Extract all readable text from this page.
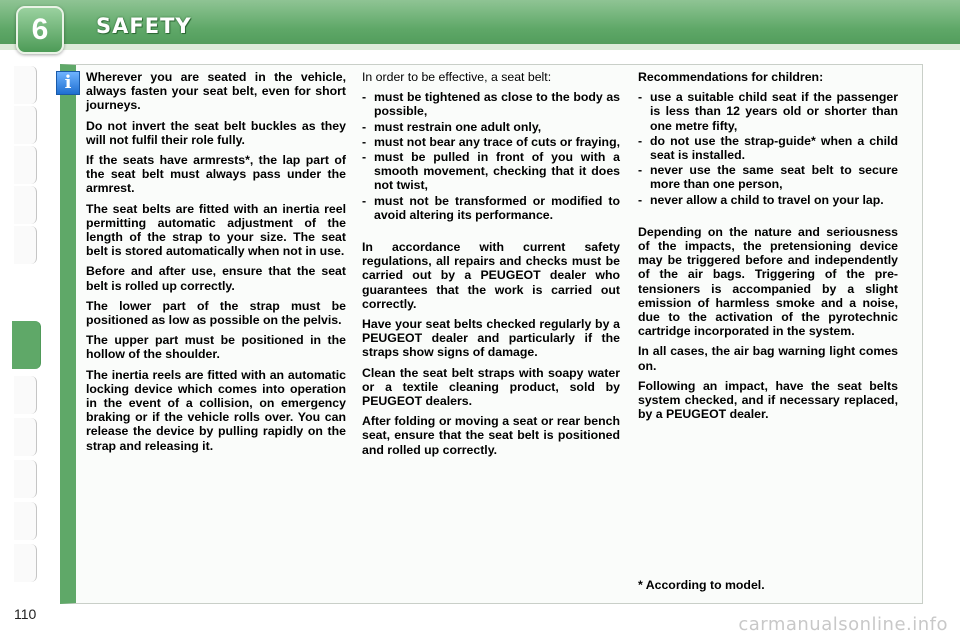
6	SAFETY
i	Wherever you are seated in the vehicle, always fasten your seat belt, even for short journeys.

Do not invert the seat belt buckles as they will not fulfil their role fully.

If the seats have armrests*, the lap part of the seat belt must always pass under the armrest.

The seat belts are fitted with an inertia reel permitting automatic adjustment of the length of the strap to your size. The seat belt is stored automatically when not in use.

Before and after use, ensure that the seat belt is rolled up correctly.

The lower part of the strap must be positioned as low as possible on the pelvis.

The upper part must be positioned in the hollow of the shoulder.

The inertia reels are fitted with an automatic locking device which comes into operation in the event of a collision, on emergency braking or if the vehicle rolls over. You can release the device by pulling rapidly on the strap and releasing it.

In order to be effective, a seat belt:

- must be tightened as close to the body as possible,
- must restrain one adult only,
- must not bear any trace of cuts or fraying,
- must be pulled in front of you with a smooth movement, checking that it does not twist,
- must not be transformed or modified to avoid altering its performance.

In accordance with current safety regulations, all repairs and checks must be carried out by a PEUGEOT dealer who guarantees that the work is carried out correctly.

Have your seat belts checked regularly by a PEUGEOT dealer and particularly if the straps show signs of damage.

Clean the seat belt straps with soapy water or a textile cleaning product, sold by PEUGEOT dealers.

After folding or moving a seat or rear bench seat, ensure that the seat belt is positioned and rolled up correctly.

Recommendations for children:

- use a suitable child seat if the passenger is less than 12 years old or shorter than one metre fifty,
- do not use the strap-guide* when a child seat is installed.
- never use the same seat belt to secure more than one person,
- never allow a child to travel on your lap.

Depending on the nature and seriousness of the impacts, the pretensioning device may be triggered before and independently of the air bags. Triggering of the pre-tensioners is accompanied by a slight emission of harmless smoke and a noise, due to the activation of the pyrotechnic cartridge incorporated in the system.

In all cases, the air bag warning light comes on.

Following an impact, have the seat belts system checked, and if necessary replaced, by a PEUGEOT dealer.

* According to model.
110	carmanualsonline.info
